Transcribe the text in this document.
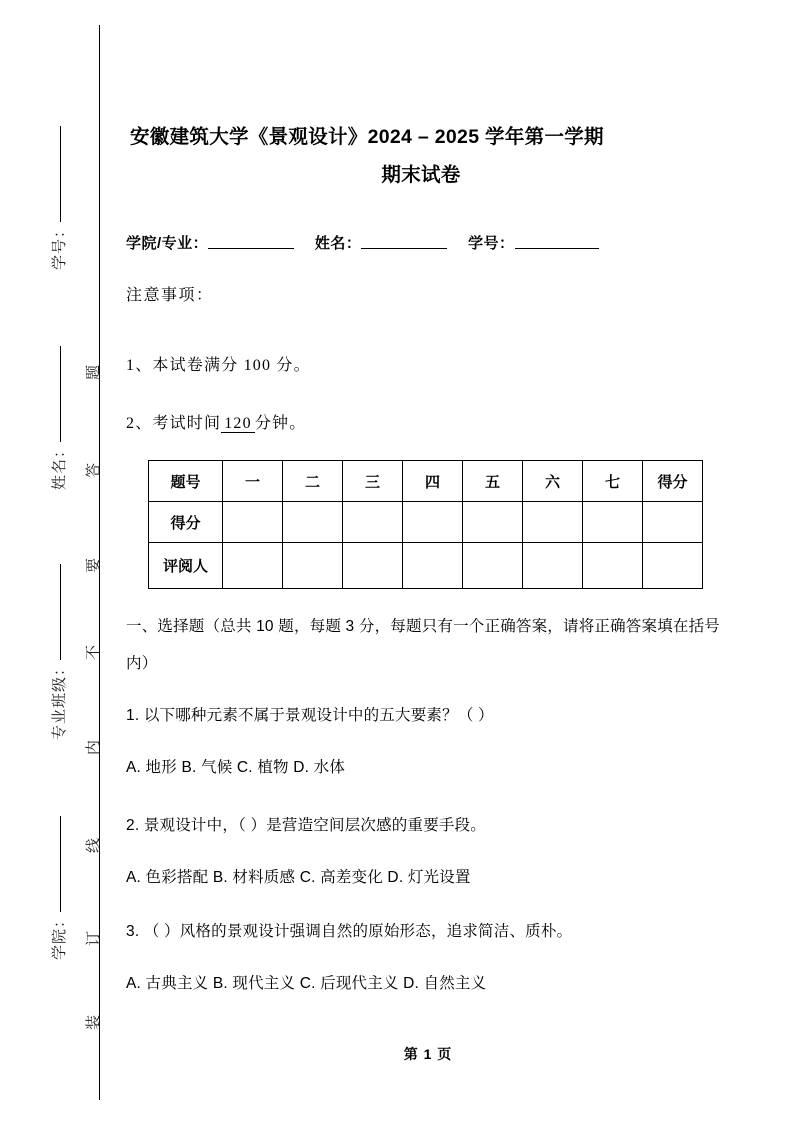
学号：
姓名：
专业班级：
学院：
题
答
要
不
内
线
订
装
安徽建筑大学《景观设计》2024 – 2025 学年第一学期
期末试卷
学院/专业：	姓名：	学号：
注意事项：
1、本试卷满分 100 分。
2、考试时间 120 分钟。
题号	一	二	三	四	五	六	七	得分
得分								
评阅人								
一、选择题（总共 10 题，每题 3 分，每题只有一个正确答案，请将正确答案填在括号内）
1. 以下哪种元素不属于景观设计中的五大要素？（ ）
A. 地形 B. 气候 C. 植物 D. 水体
2. 景观设计中，（ ）是营造空间层次感的重要手段。
A. 色彩搭配 B. 材料质感 C. 高差变化 D. 灯光设置
3. （ ）风格的景观设计强调自然的原始形态，追求简洁、质朴。
A. 古典主义 B. 现代主义 C. 后现代主义 D. 自然主义
第 1 页
